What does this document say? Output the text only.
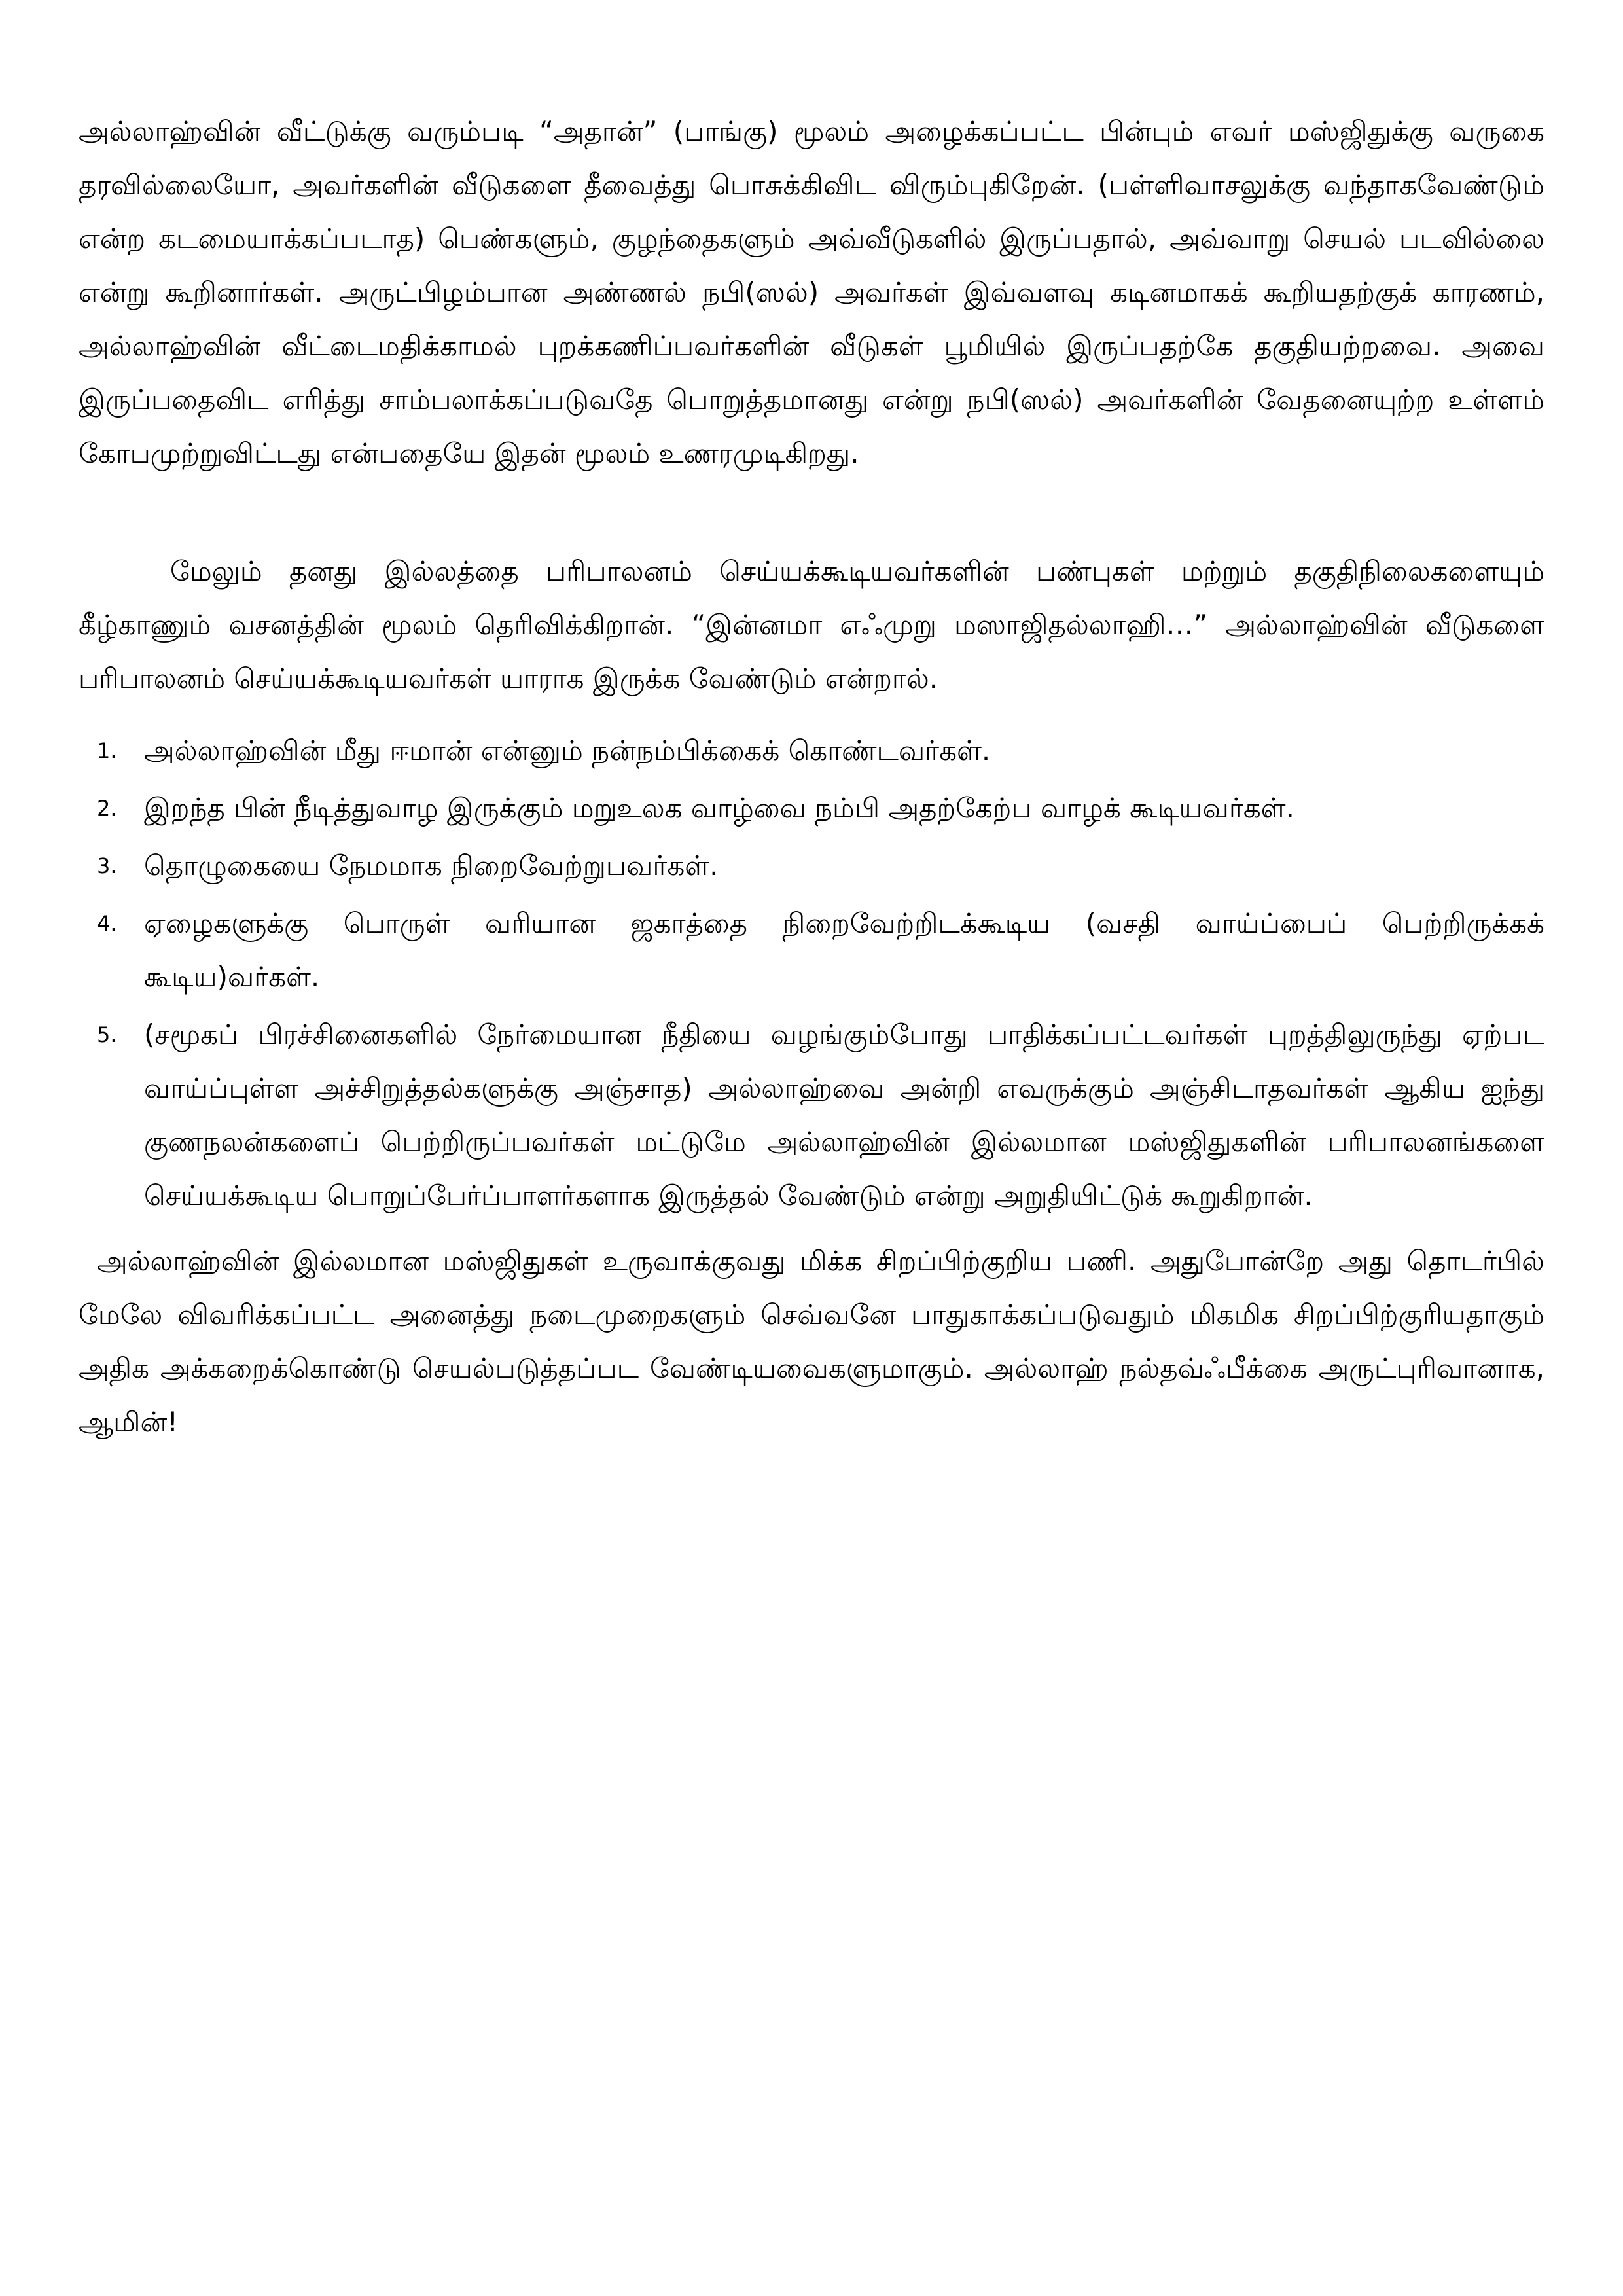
அல்லாஹ்வின் வீட்டுக்கு வரும்படி “அதான்” (பாங்கு) மூலம் அழைக்கப்பட்ட பின்பும் எவர் மஸ்ஜிதுக்கு வருகை தரவில்லையோ, அவர்களின் வீடுகளை தீவைத்து பொசுக்கிவிட விரும்புகிறேன். (பள்ளிவாசலுக்கு வந்தாகவேண்டும் என்ற கடமையாக்கப்படாத) பெண்களும், குழந்தைகளும் அவ்வீடுகளில் இருப்பதால், அவ்வாறு செயல் படவில்லை என்று கூறினார்கள். அருட்பிழம்பான அண்ணல் நபி(ஸல்) அவர்கள் இவ்வளவு கடினமாகக் கூறியதற்குக் காரணம், அல்லாஹ்வின் வீட்டைமதிக்காமல் புறக்கணிப்பவர்களின் வீடுகள் பூமியில் இருப்பதற்கே தகுதியற்றவை. அவை இருப்பதைவிட எரித்து சாம்பலாக்கப்படுவதே பொறுத்தமானது என்று நபி(ஸல்) அவர்களின் வேதனையுற்ற உள்ளம் கோபமுற்றுவிட்டது என்பதையே இதன் மூலம் உணரமுடிகிறது.

மேலும் தனது இல்லத்தை பரிபாலனம் செய்யக்கூடியவர்களின் பண்புகள் மற்றும் தகுதிநிலைகளையும் கீழ்காணும் வசனத்தின் மூலம் தெரிவிக்கிறான். “இன்னமா எஃமுறு மஸாஜிதல்லாஹி…” அல்லாஹ்வின் வீடுகளை பரிபாலனம் செய்யக்கூடியவர்கள் யாராக இருக்க வேண்டும் என்றால்.

1. அல்லாஹ்வின் மீது ஈமான் என்னும் நன்நம்பிக்கைக் கொண்டவர்கள்.
2. இறந்த பின் நீடித்துவாழ இருக்கும் மறுஉலக வாழ்வை நம்பி அதற்கேற்ப வாழக் கூடியவர்கள்.
3. தொழுகையை நேமமாக நிறைவேற்றுபவர்கள்.
4. ஏழைகளுக்கு பொருள் வரியான ஜகாத்தை நிறைவேற்றிடக்கூடிய (வசதி வாய்ப்பைப் பெற்றிருக்கக் கூடிய)வர்கள்.
5. (சமூகப் பிரச்சினைகளில் நேர்மையான நீதியை வழங்கும்போது பாதிக்கப்பட்டவர்கள் புறத்திலுருந்து ஏற்பட வாய்ப்புள்ள அச்சிறுத்தல்களுக்கு அஞ்சாத) அல்லாஹ்வை அன்றி எவருக்கும் அஞ்சிடாதவர்கள் ஆகிய ஐந்து குணநலன்களைப் பெற்றிருப்பவர்கள் மட்டுமே அல்லாஹ்வின் இல்லமான மஸ்ஜிதுகளின் பரிபாலனங்களை செய்யக்கூடிய பொறுப்பேர்ப்பாளர்களாக இருத்தல் வேண்டும் என்று அறுதியிட்டுக் கூறுகிறான்.

அல்லாஹ்வின் இல்லமான மஸ்ஜிதுகள் உருவாக்குவது மிக்க சிறப்பிற்குறிய பணி. அதுபோன்றே அது தொடர்பில் மேலே விவரிக்கப்பட்ட அனைத்து நடைமுறைகளும் செவ்வனே பாதுகாக்கப்படுவதும் மிகமிக சிறப்பிற்குரியதாகும் அதிக அக்கறைக்கொண்டு செயல்படுத்தப்பட வேண்டியவைகளுமாகும். அல்லாஹ் நல்தவ்ஃபீக்கை அருட்புரிவானாக, ஆமின்!
